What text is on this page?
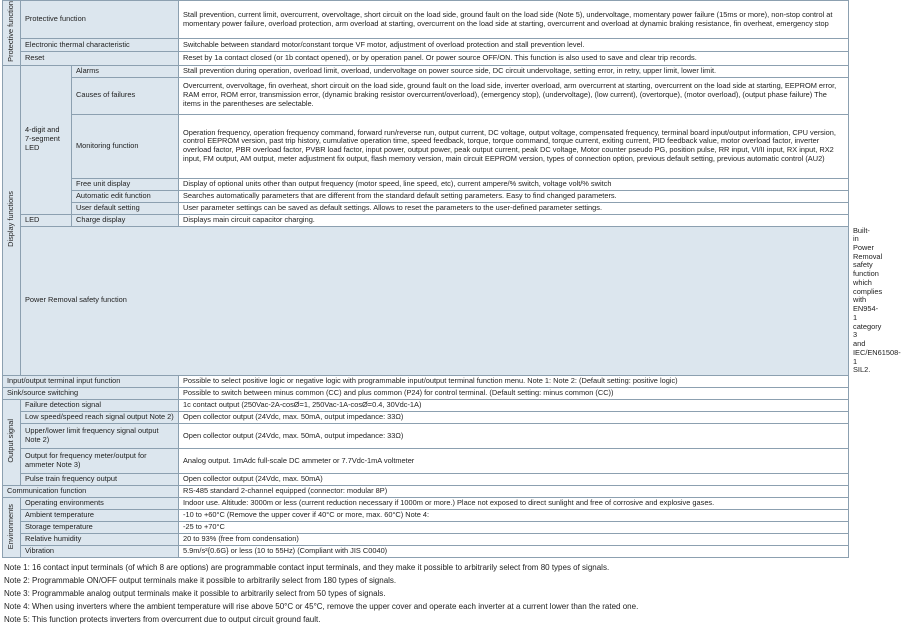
Protective function	Protective function		Stall prevention, current limit, overcurrent, overvoltage, short circuit on the load side, ground fault on the load side (Note 5), undervoltage, momentary power failure (15ms or more), non-stop control at momentary power failure, overload protection, arm overload at starting, overcurrent on the load side at starting, overcurrent and overload at dynamic braking resistance, fin overheat, emergency stop	
	Electronic thermal characteristic		Switchable between standard motor/constant torque VF motor, adjustment of overload protection and stall prevention level.	
	Reset		Reset by 1a contact closed (or 1b contact opened), or by operation panel. Or power source OFF/ON. This function is also used to save and clear trip records.	
Display functions	4-digit and 7-segment LED	Alarms	Stall prevention during operation, overload limit, overload, undervoltage on power source side, DC circuit undervoltage, setting error, in retry, upper limit, lower limit.	
		Causes of failures	Overcurrent, overvoltage, fin overheat, short circuit on the load side, ground fault on the load side, inverter overload, arm overcurrent at starting, overcurrent on the load side at starting, EEPROM error, RAM error, ROM error, transmission error, (dynamic braking resistor overcurrent/overload), (emergency stop), (undervoltage), (low current), (overtorque), (motor overload), (output phase failure) The items in the parentheses are selectable.	
		Monitoring function	Operation frequency, operation frequency command, forward run/reverse run, output current, DC voltage, output voltage, compensated frequency, terminal board input/output information, CPU version, control EEPROM version, past trip history, cumulative operation time, speed feedback, torque, torque command, torque current, exiting current, PID feedback value, motor overload factor, inverter overload factor, PBR overload factor, PVBR load factor, input power, output power, peak output current, peak DC voltage, Motor counter pseudo PG, position pulse, RR input, VI/II input, RX input, RX2 input, FM output, AM output, meter adjustment fix output, flash memory version, main circuit EEPROM version, types of connection option, previous default setting, previous automatic control (AU2)	
		Free unit display	Display of optional units other than output frequency (motor speed, line speed, etc), current ampere/% switch, voltage volt/% switch	
		Automatic edit function	Searches automatically parameters that are different from the standard default setting parameters. Easy to find changed parameters.	
		User default setting	User parameter settings can be saved as default settings. Allows to reset the parameters to the user-defined parameter settings.	
	LED	Charge display	Displays main circuit capacitor charging.	
	Power Removal safety function			Built-in Power Removal safety function which complies with EN954-1 category 3 and IEC/EN61508-1 SIL2.
Input/output terminal input function			Possible to select positive logic or negative logic with programmable input/output terminal function menu. Note 1: Note 2: (Default setting: positive logic)	
Sink/source switching			Possible to switch between minus common (CC) and plus common (P24) for control terminal. (Default setting: minus common (CC))	
Output signal	Failure detection signal		1c contact output (250Vac-2A-cosØ=1, 250Vac-1A-cosØ=0.4, 30Vdc-1A)	
	Low speed/speed reach signal output Note 2)		Open collector output (24Vdc, max. 50mA, output impedance: 33Ω)	
	Upper/lower limit frequency signal output Note 2)		Open collector output (24Vdc, max. 50mA, output impedance: 33Ω)	
	Output for frequency meter/output for ammeter Note 3)		Analog output. 1mAdc full-scale DC ammeter or 7.7Vdc-1mA voltmeter	
	Pulse train frequency output		Open collector output (24Vdc, max. 50mA)	
Communication function			RS-485 standard 2-channel equipped (connector: modular 8P)	
Environments	Operating environments		Indoor use. Altitude: 3000m or less (current reduction necessary if 1000m or more.) Place not exposed to direct sunlight and free of corrosive and explosive gases.	
	Ambient temperature		-10 to +60°C (Remove the upper cover if 40°C or more, max. 60°C) Note 4:	
	Storage temperature		-25 to +70°C	
	Relative humidity		20 to 93% (free from condensation)	
	Vibration		5.9m/s²{0.6G} or less (10 to 55Hz) (Compliant with JIS C0040)	
Note 1: 16 contact input terminals (of which 8 are options) are programmable contact input terminals, and they make it possible to arbitrarily select from 80 types of signals.
Note 2: Programmable ON/OFF output terminals make it possible to arbitrarily select from 180 types of signals.
Note 3: Programmable analog output terminals make it possible to arbitrarily select from 50 types of signals.
Note 4: When using inverters where the ambient temperature will rise above 50°C or 45°C, remove the upper cover and operate each inverter at a current lower than the rated one.
Note 5: This function protects inverters from overcurrent due to output circuit ground fault.
